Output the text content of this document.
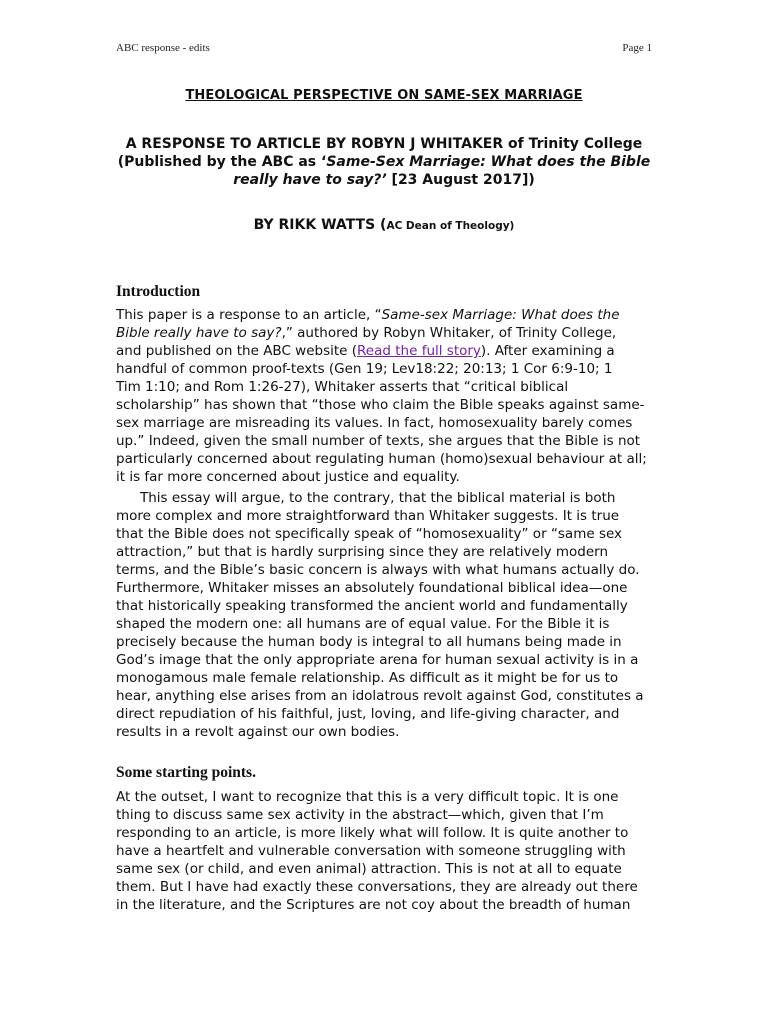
ABC response - edits	Page 1
THEOLOGICAL PERSPECTIVE ON SAME-SEX MARRIAGE
A RESPONSE TO ARTICLE BY ROBYN J WHITAKER of Trinity College
(Published by the ABC as ‘Same-Sex Marriage: What does the Bible
really have to say?’ [23 August 2017])
BY RIKK WATTS (AC Dean of Theology)
Introduction
This paper is a response to an article, “Same-sex Marriage: What does the
Bible really have to say?,” authored by Robyn Whitaker, of Trinity College,
and published on the ABC website (Read the full story). After examining a
handful of common proof-texts (Gen 19; Lev18:22; 20:13; 1 Cor 6:9-10; 1
Tim 1:10; and Rom 1:26-27), Whitaker asserts that “critical biblical
scholarship” has shown that “those who claim the Bible speaks against same-
sex marriage are misreading its values. In fact, homosexuality barely comes
up.” Indeed, given the small number of texts, she argues that the Bible is not
particularly concerned about regulating human (homo)sexual behaviour at all;
it is far more concerned about justice and equality.
This essay will argue, to the contrary, that the biblical material is both
more complex and more straightforward than Whitaker suggests. It is true
that the Bible does not specifically speak of “homosexuality” or “same sex
attraction,” but that is hardly surprising since they are relatively modern
terms, and the Bible’s basic concern is always with what humans actually do.
Furthermore, Whitaker misses an absolutely foundational biblical idea—one
that historically speaking transformed the ancient world and fundamentally
shaped the modern one: all humans are of equal value. For the Bible it is
precisely because the human body is integral to all humans being made in
God’s image that the only appropriate arena for human sexual activity is in a
monogamous male female relationship. As difficult as it might be for us to
hear, anything else arises from an idolatrous revolt against God, constitutes a
direct repudiation of his faithful, just, loving, and life-giving character, and
results in a revolt against our own bodies.
Some starting points.
At the outset, I want to recognize that this is a very difficult topic. It is one
thing to discuss same sex activity in the abstract—which, given that I’m
responding to an article, is more likely what will follow. It is quite another to
have a heartfelt and vulnerable conversation with someone struggling with
same sex (or child, and even animal) attraction. This is not at all to equate
them. But I have had exactly these conversations, they are already out there
in the literature, and the Scriptures are not coy about the breadth of human
